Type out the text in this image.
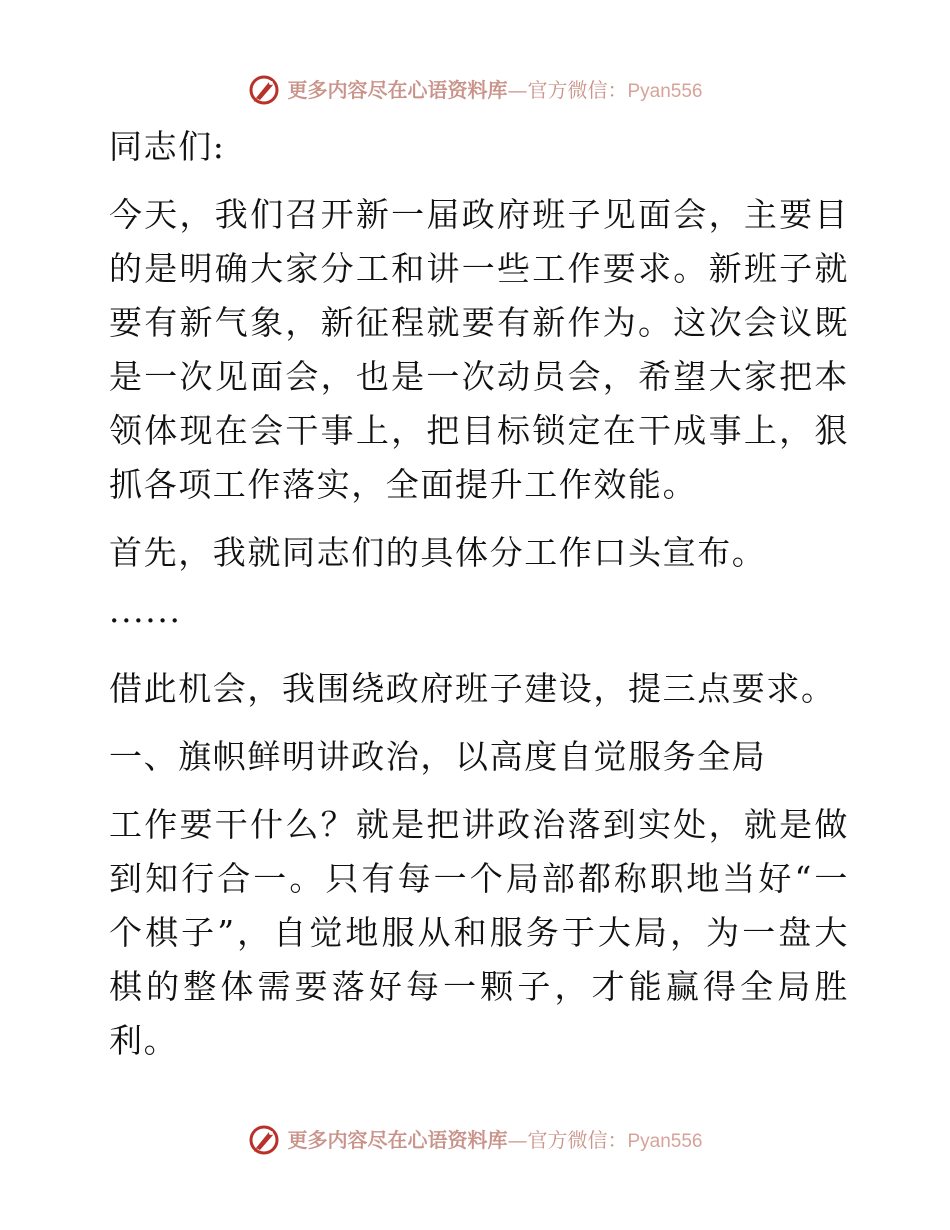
更多内容尽在心语资料库 — 官方微信： Pyan556

同志们:

今天，我们召开新一届政府班子见面会，主要目的是明确大家分工和讲一些工作要求。新班子就要有新气象，新征程就要有新作为。这次会议既是一次见面会，也是一次动员会，希望大家把本领体现在会干事上，把目标锁定在干成事上，狠抓各项工作落实，全面提升工作效能。

首先，我就同志们的具体分工作口头宣布。

······

借此机会，我围绕政府班子建设，提三点要求。

一、旗帜鲜明讲政治，以高度自觉服务全局

工作要干什么？就是把讲政治落到实处，就是做到知行合一。只有每一个局部都称职地当好“一个棋子”，自觉地服从和服务于大局，为一盘大棋的整体需要落好每一颗子，才能赢得全局胜利。

更多内容尽在心语资料库 — 官方微信： Pyan556
